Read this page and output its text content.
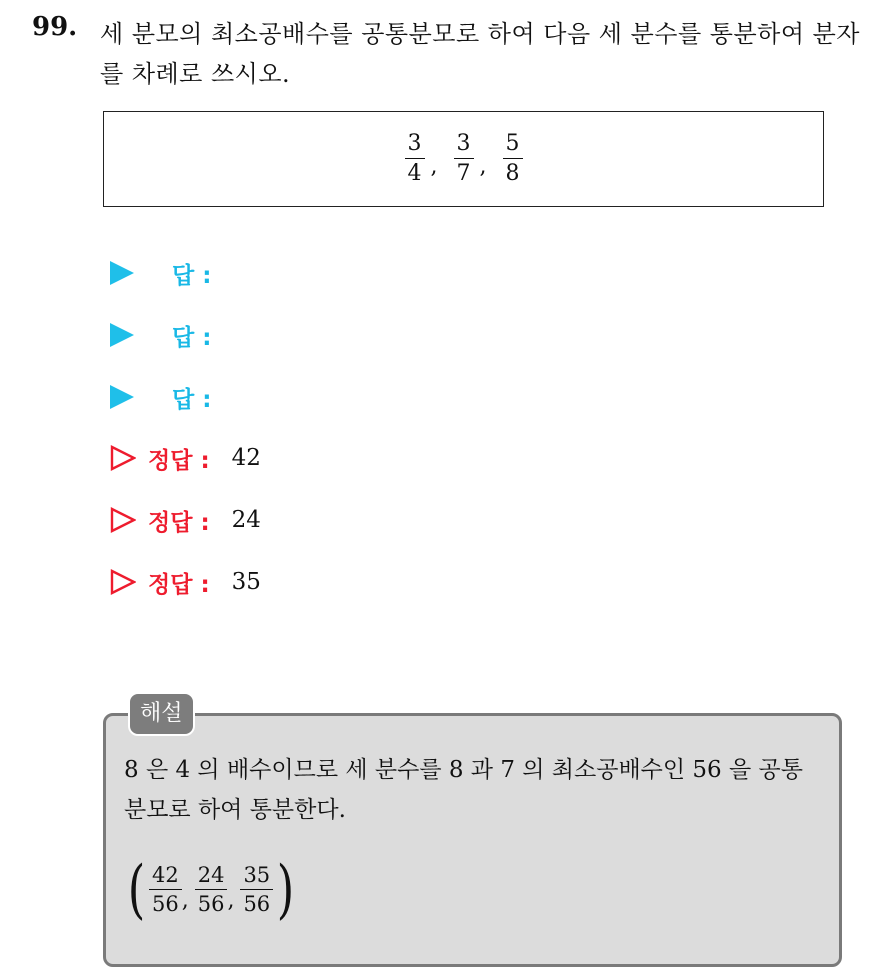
99. 세 분모의 최소공배수를 공통분모로 하여 다음 세 분수를 통분하여 분자를 차례로 쓰시오.
$\frac{3}{4}$ , $\frac{3}{7}$ , $\frac{5}{8}$
답 :
답 :
답 :
정답 : 42
정답 : 24
정답 : 35
해설
8 은 4 의 배수이므로 세 분수를 8 과 7 의 최소공배수인 56 을 공통분모로 하여 통분한다.
( $\frac{42}{56}$ , $\frac{24}{56}$ , $\frac{35}{56}$ )
